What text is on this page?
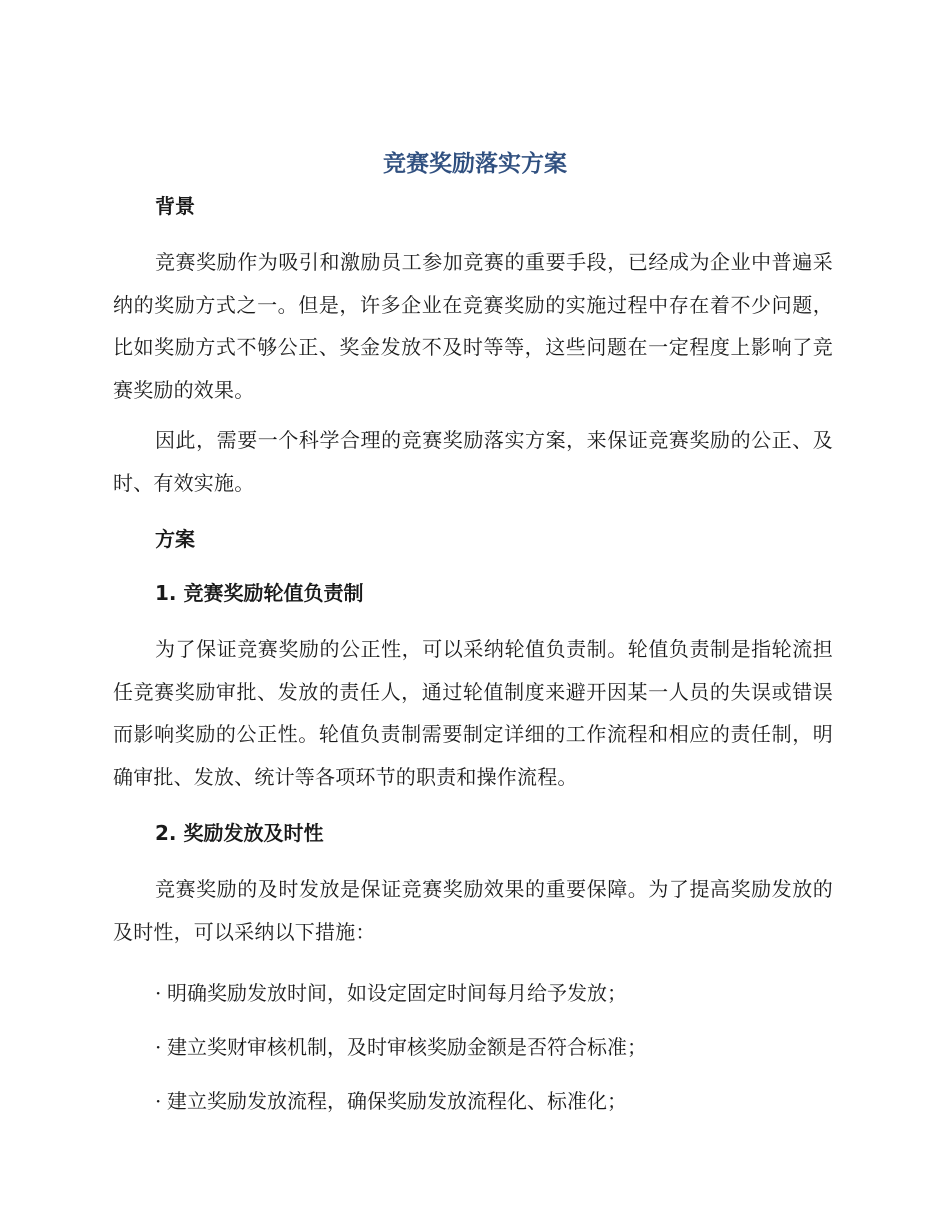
竞赛奖励落实方案
背景

竞赛奖励作为吸引和激励员工参加竞赛的重要手段，已经成为企业中普遍采纳的奖励方式之一。但是，许多企业在竞赛奖励的实施过程中存在着不少问题，比如奖励方式不够公正、奖金发放不及时等等，这些问题在一定程度上影响了竞赛奖励的效果。

因此，需要一个科学合理的竞赛奖励落实方案，来保证竞赛奖励的公正、及时、有效实施。

方案
1. 竞赛奖励轮值负责制

为了保证竞赛奖励的公正性，可以采纳轮值负责制。轮值负责制是指轮流担任竞赛奖励审批、发放的责任人，通过轮值制度来避开因某一人员的失误或错误而影响奖励的公正性。轮值负责制需要制定详细的工作流程和相应的责任制，明确审批、发放、统计等各项环节的职责和操作流程。

2. 奖励发放及时性

竞赛奖励的及时发放是保证竞赛奖励效果的重要保障。为了提高奖励发放的及时性，可以采纳以下措施：

· 明确奖励发放时间，如设定固定时间每月给予发放；
· 建立奖财审核机制，及时审核奖励金额是否符合标准；
· 建立奖励发放流程，确保奖励发放流程化、标准化；
